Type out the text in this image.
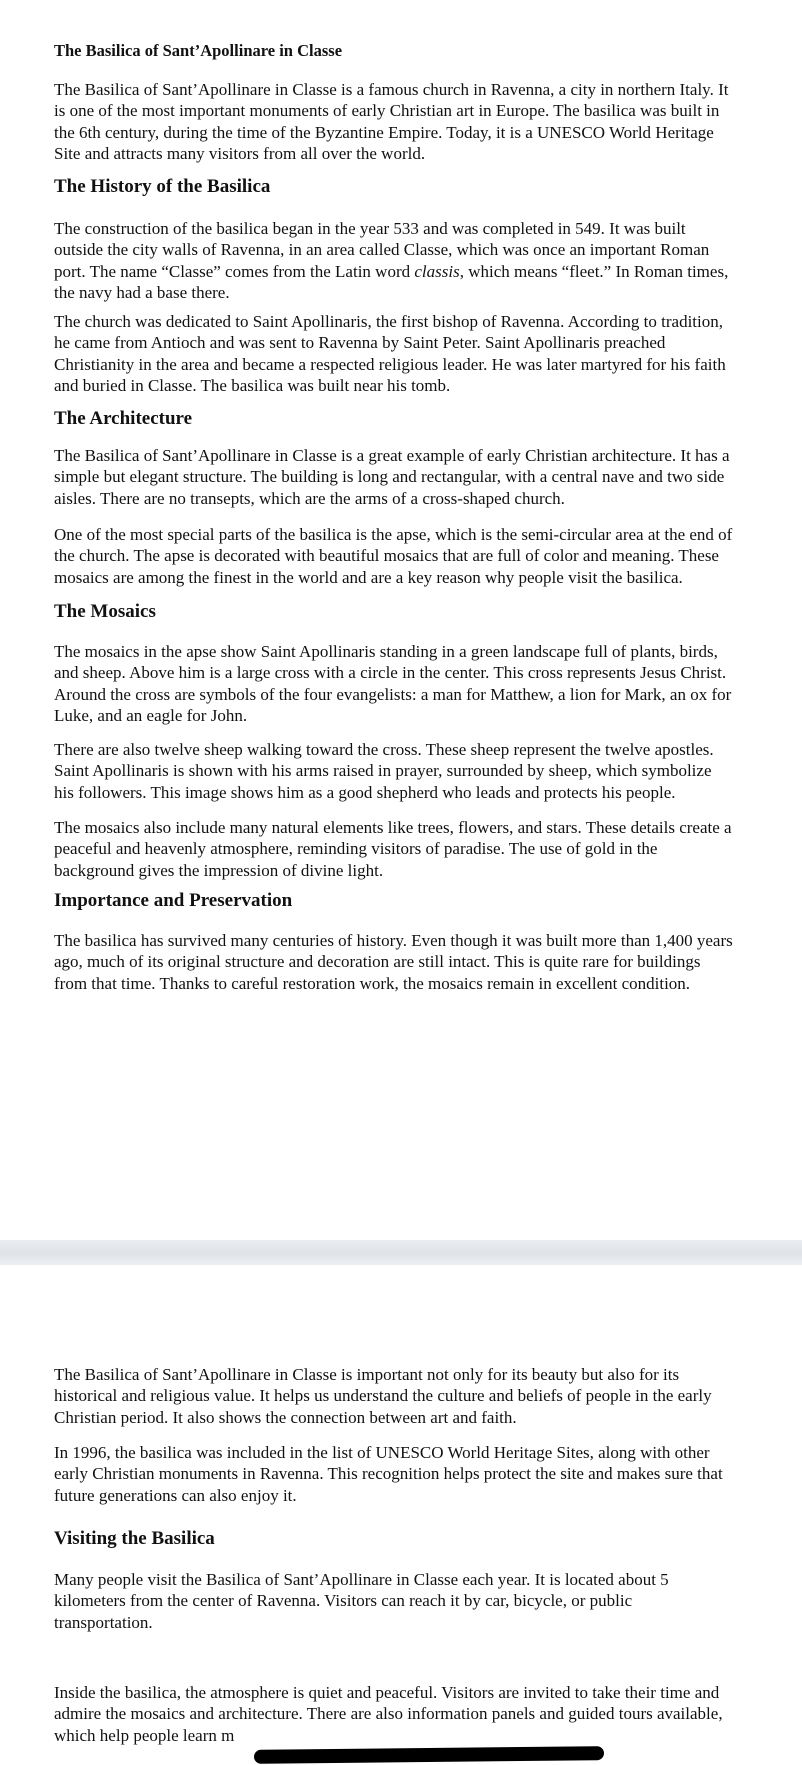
The Basilica of Sant’Apollinare in Classe

The Basilica of Sant’Apollinare in Classe is a famous church in Ravenna, a city in northern Italy. It
is one of the most important monuments of early Christian art in Europe. The basilica was built in
the 6th century, during the time of the Byzantine Empire. Today, it is a UNESCO World Heritage
Site and attracts many visitors from all over the world.

The History of the Basilica

The construction of the basilica began in the year 533 and was completed in 549. It was built
outside the city walls of Ravenna, in an area called Classe, which was once an important Roman
port. The name “Classe” comes from the Latin word classis, which means “fleet.” In Roman times,
the navy had a base there.

The church was dedicated to Saint Apollinaris, the first bishop of Ravenna. According to tradition,
he came from Antioch and was sent to Ravenna by Saint Peter. Saint Apollinaris preached
Christianity in the area and became a respected religious leader. He was later martyred for his faith
and buried in Classe. The basilica was built near his tomb.

The Architecture

The Basilica of Sant’Apollinare in Classe is a great example of early Christian architecture. It has a
simple but elegant structure. The building is long and rectangular, with a central nave and two side
aisles. There are no transepts, which are the arms of a cross-shaped church.

One of the most special parts of the basilica is the apse, which is the semi-circular area at the end of
the church. The apse is decorated with beautiful mosaics that are full of color and meaning. These
mosaics are among the finest in the world and are a key reason why people visit the basilica.

The Mosaics

The mosaics in the apse show Saint Apollinaris standing in a green landscape full of plants, birds,
and sheep. Above him is a large cross with a circle in the center. This cross represents Jesus Christ.
Around the cross are symbols of the four evangelists: a man for Matthew, a lion for Mark, an ox for
Luke, and an eagle for John.

There are also twelve sheep walking toward the cross. These sheep represent the twelve apostles.
Saint Apollinaris is shown with his arms raised in prayer, surrounded by sheep, which symbolize
his followers. This image shows him as a good shepherd who leads and protects his people.

The mosaics also include many natural elements like trees, flowers, and stars. These details create a
peaceful and heavenly atmosphere, reminding visitors of paradise. The use of gold in the
background gives the impression of divine light.

Importance and Preservation

The basilica has survived many centuries of history. Even though it was built more than 1,400 years
ago, much of its original structure and decoration are still intact. This is quite rare for buildings
from that time. Thanks to careful restoration work, the mosaics remain in excellent condition.

The Basilica of Sant’Apollinare in Classe is important not only for its beauty but also for its
historical and religious value. It helps us understand the culture and beliefs of people in the early
Christian period. It also shows the connection between art and faith.

In 1996, the basilica was included in the list of UNESCO World Heritage Sites, along with other
early Christian monuments in Ravenna. This recognition helps protect the site and makes sure that
future generations can also enjoy it.

Visiting the Basilica

Many people visit the Basilica of Sant’Apollinare in Classe each year. It is located about 5
kilometers from the center of Ravenna. Visitors can reach it by car, bicycle, or public
transportation.

Inside the basilica, the atmosphere is quiet and peaceful. Visitors are invited to take their time and
admire the mosaics and architecture. There are also information panels and guided tours available,
which help people learn m
